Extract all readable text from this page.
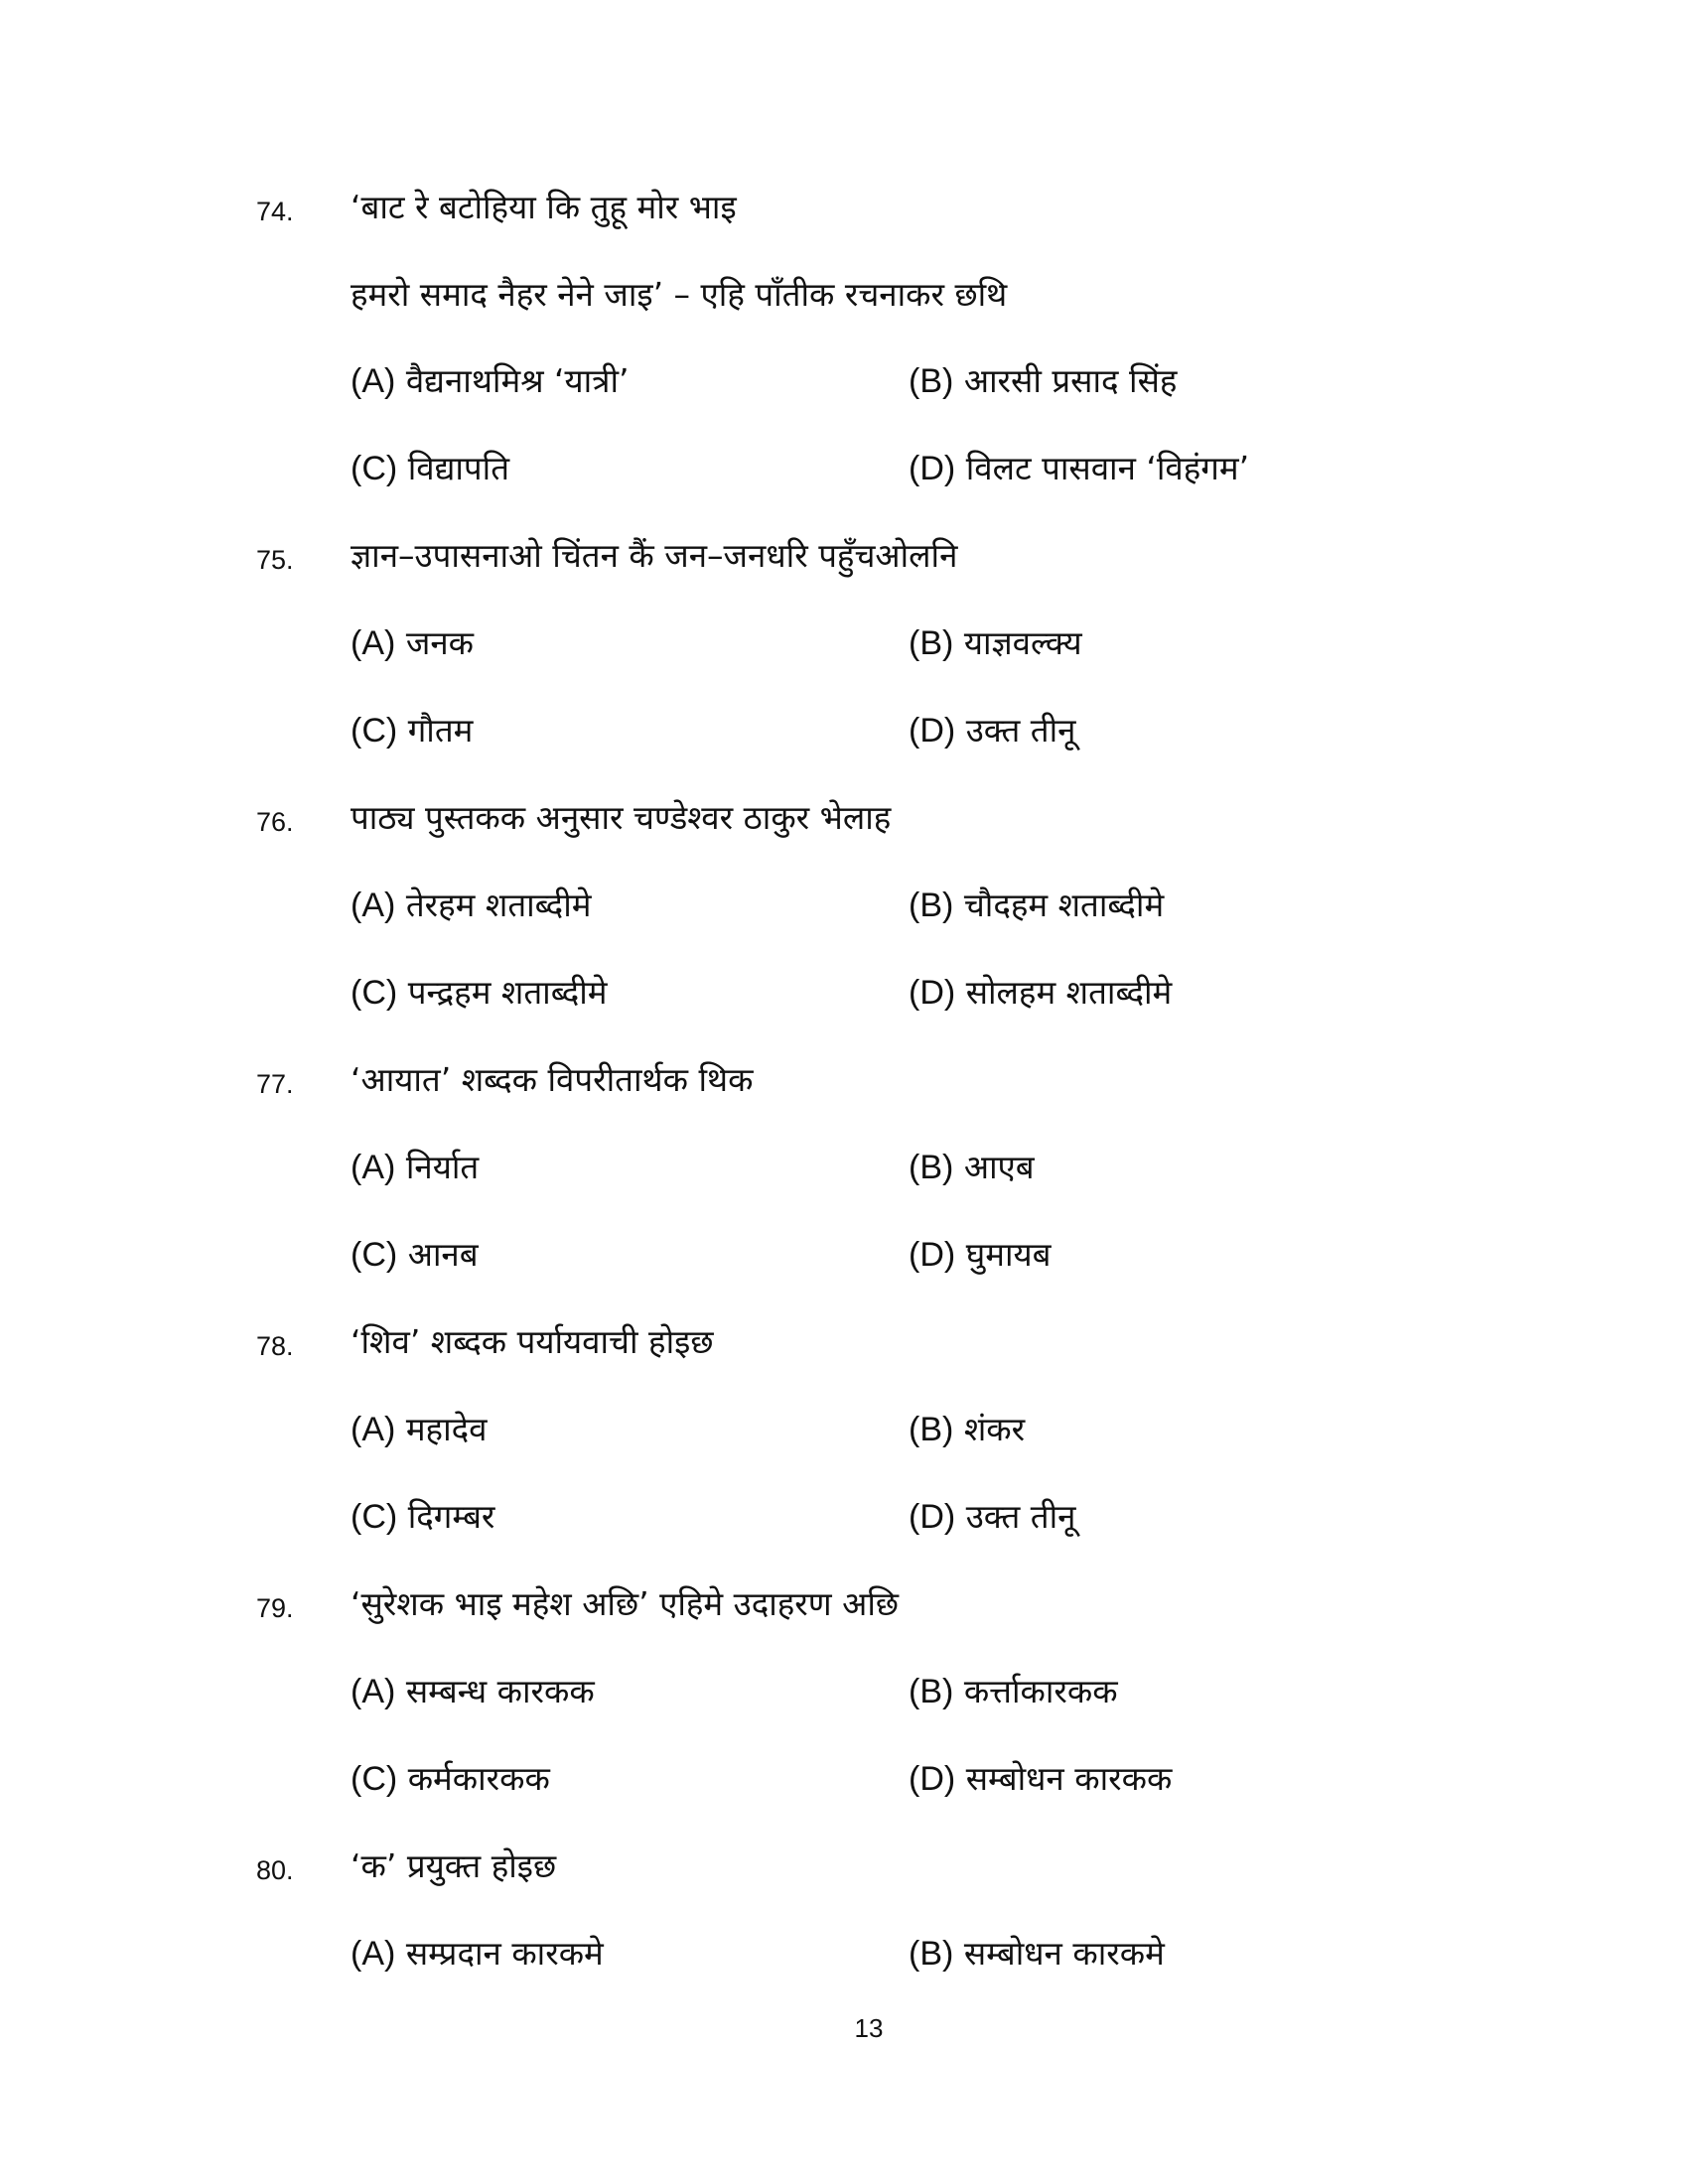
74. ‘बाट रे बटोहिया कि तुहू मोर भाइ
हमरो समाद नैहर नेने जाइ’ – एहि पाँतीक रचनाकर छथि
(A) वैद्यनाथमिश्र ‘यात्री’	(B) आरसी प्रसाद सिंह
(C) विद्यापति	(D) विलट पासवान ‘विहंगम’
75. ज्ञान–उपासनाओ चिंतन कैं जन–जनधरि पहुँचओलनि
(A) जनक	(B) याज्ञवल्क्य
(C) गौतम	(D) उक्त तीनू
76. पाठ्य पुस्तकक अनुसार चण्डेश्वर ठाकुर भेलाह
(A) तेरहम शताब्दीमे	(B) चौदहम शताब्दीमे
(C) पन्द्रहम शताब्दीमे	(D) सोलहम शताब्दीमे
77. ‘आयात’ शब्दक विपरीतार्थक थिक
(A) निर्यात	(B) आएब
(C) आनब	(D) घुमायब
78. ‘शिव’ शब्दक पर्यायवाची होइछ
(A) महादेव	(B) शंकर
(C) दिगम्बर	(D) उक्त तीनू
79. ‘सुरेशक भाइ महेश अछि’ एहिमे उदाहरण अछि
(A) सम्बन्ध कारकक	(B) कर्त्ताकारकक
(C) कर्मकारकक	(D) सम्बोधन कारकक
80. ‘क’ प्रयुक्त होइछ
(A) सम्प्रदान कारकमे	(B) सम्बोधन कारकमे
13
